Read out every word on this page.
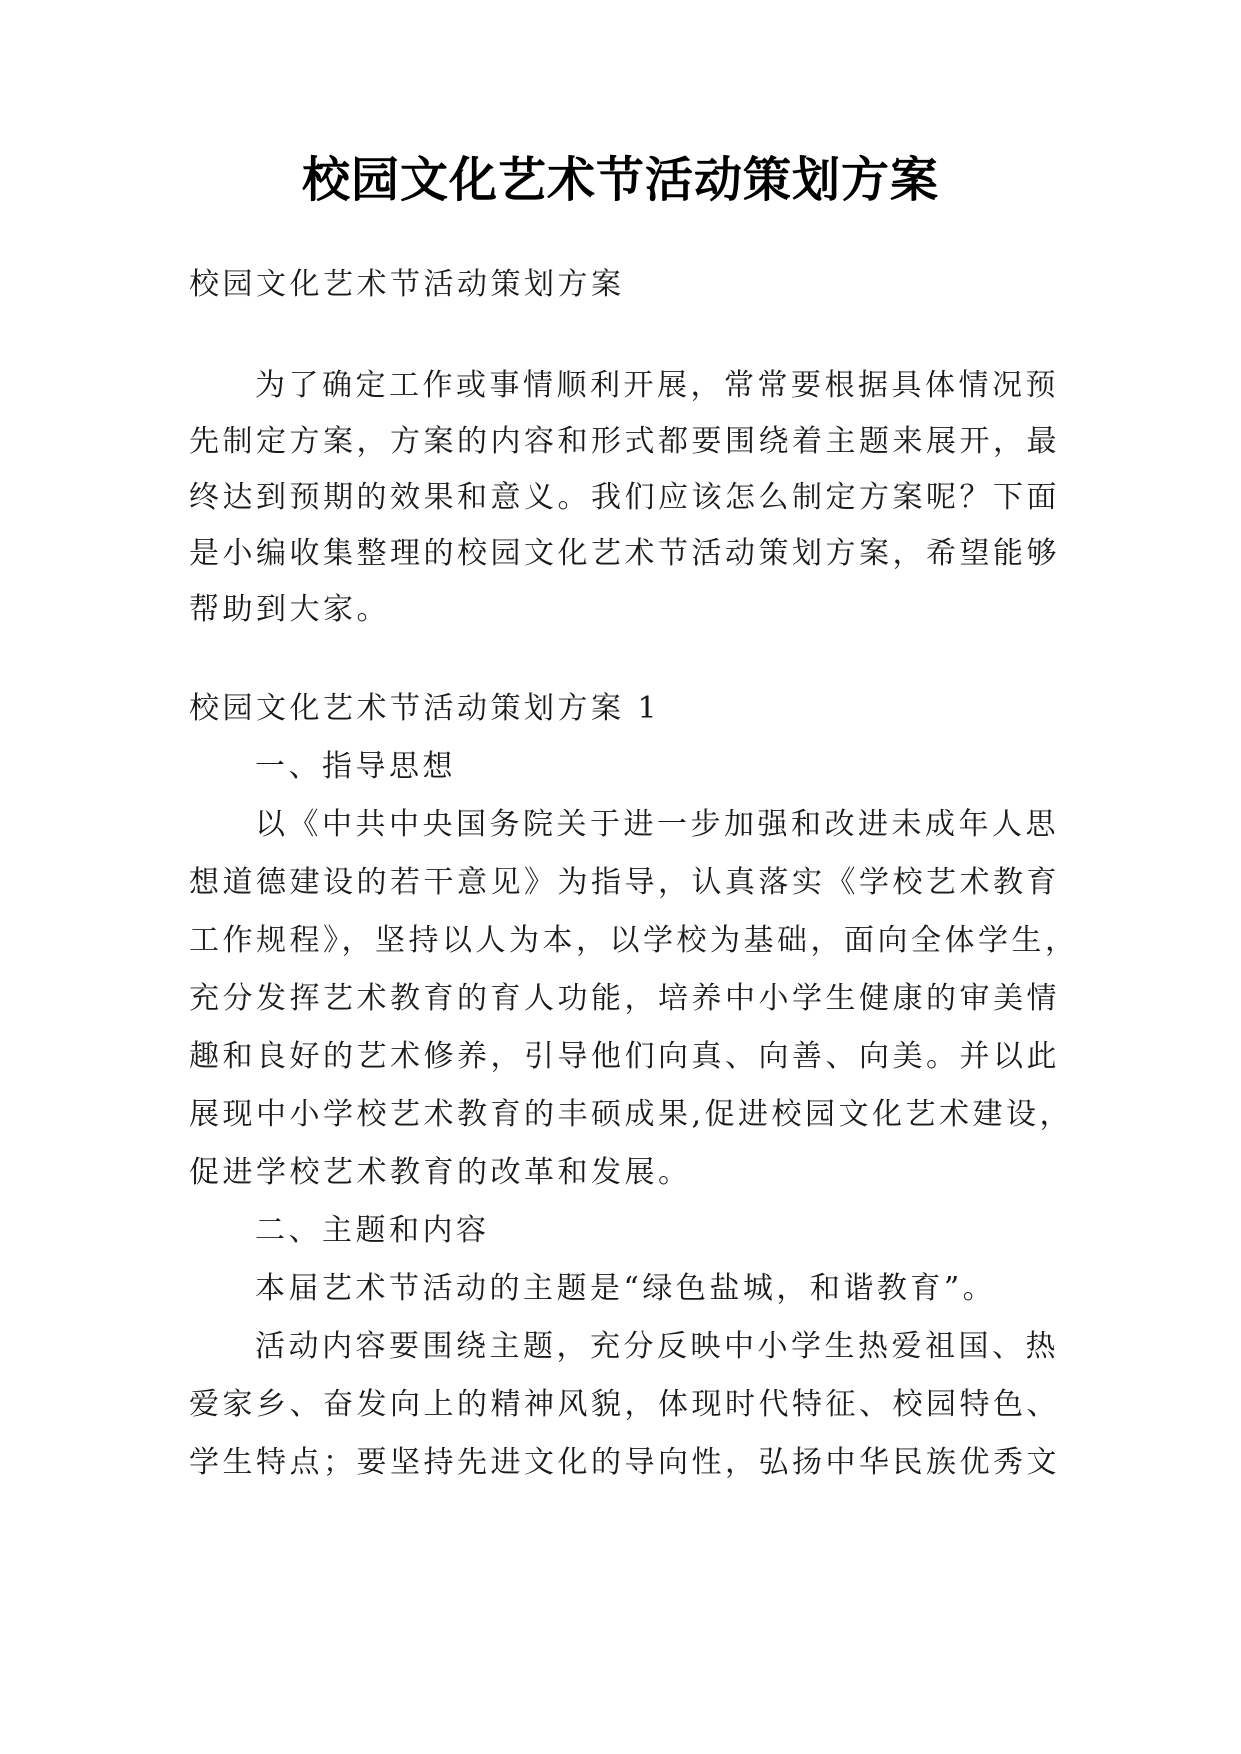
校园文化艺术节活动策划方案
校园文化艺术节活动策划方案
为了确定工作或事情顺利开展，常常要根据具体情况预
先制定方案，方案的内容和形式都要围绕着主题来展开，最
终达到预期的效果和意义。我们应该怎么制定方案呢？下面
是小编收集整理的校园文化艺术节活动策划方案，希望能够
帮助到大家。
校园文化艺术节活动策划方案 1
一、指导思想
以《中共中央国务院关于进一步加强和改进未成年人思
想道德建设的若干意见》为指导，认真落实《学校艺术教育
工作规程》，坚持以人为本，以学校为基础，面向全体学生，
充分发挥艺术教育的育人功能，培养中小学生健康的审美情
趣和良好的艺术修养，引导他们向真、向善、向美。并以此
展现中小学校艺术教育的丰硕成果,促进校园文化艺术建设，
促进学校艺术教育的改革和发展。
二、主题和内容
本届艺术节活动的主题是“绿色盐城，和谐教育”。
活动内容要围绕主题，充分反映中小学生热爱祖国、热
爱家乡、奋发向上的精神风貌，体现时代特征、校园特色、
学生特点；要坚持先进文化的导向性，弘扬中华民族优秀文
